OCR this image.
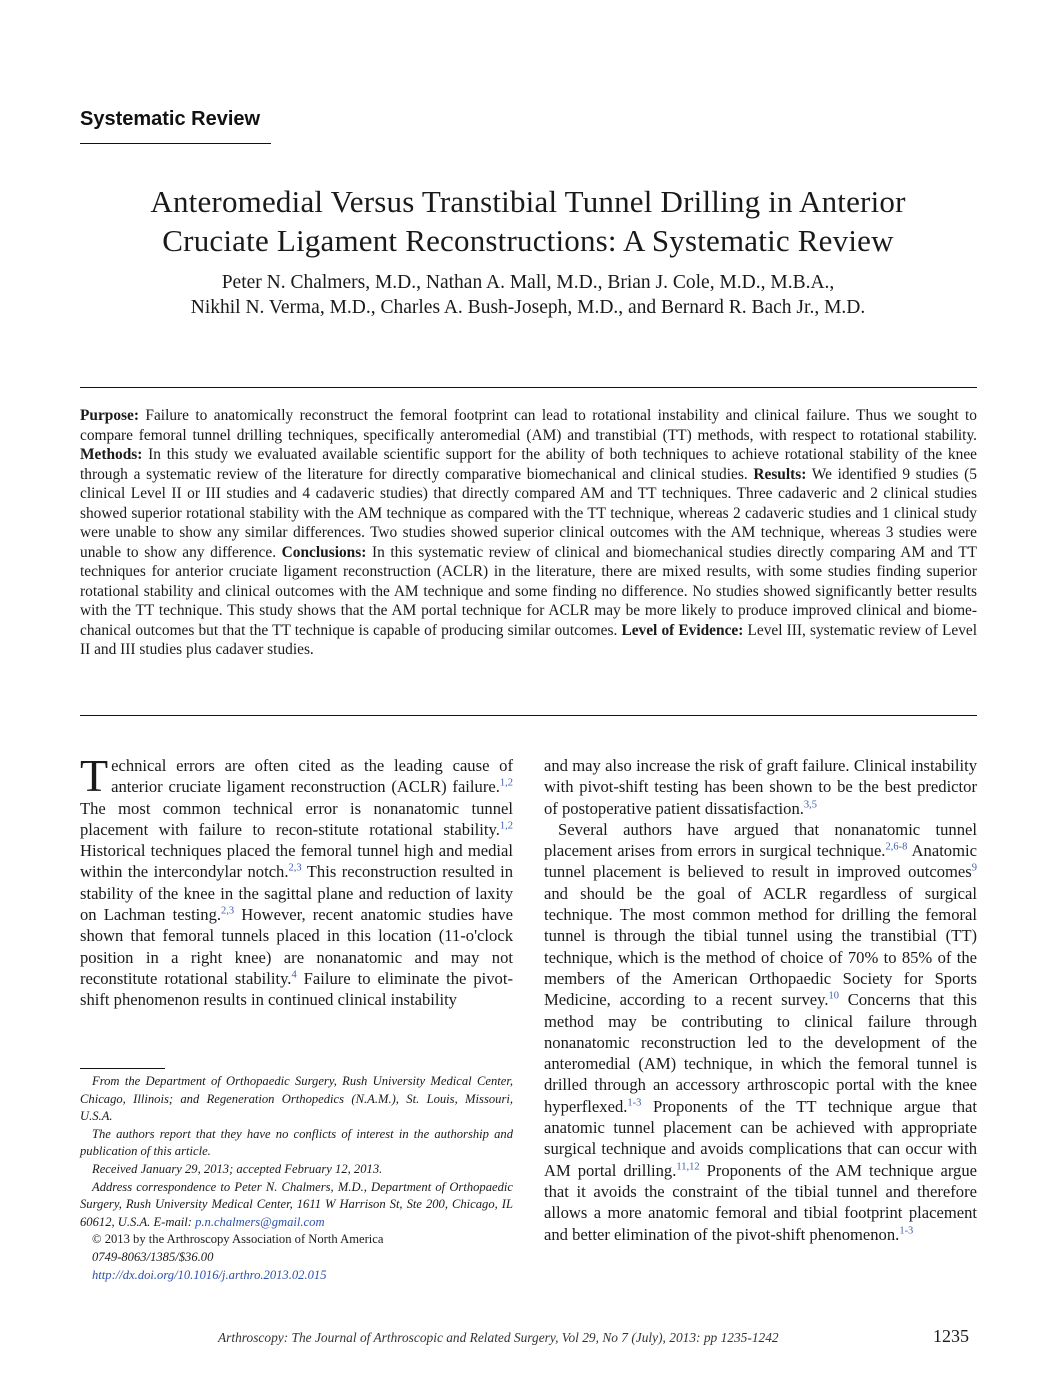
Systematic Review
Anteromedial Versus Transtibial Tunnel Drilling in Anterior
Cruciate Ligament Reconstructions: A Systematic Review
Peter N. Chalmers, M.D., Nathan A. Mall, M.D., Brian J. Cole, M.D., M.B.A.,
Nikhil N. Verma, M.D., Charles A. Bush-Joseph, M.D., and Bernard R. Bach Jr., M.D.
Purpose: Failure to anatomically reconstruct the femoral footprint can lead to rotational instability and clinical failure. Thus we sought to compare femoral tunnel drilling techniques, specifically anteromedial (AM) and transtibial (TT) methods, with respect to rotational stability. Methods: In this study we evaluated available scientific support for the ability of both techniques to achieve rotational stability of the knee through a systematic review of the literature for directly comparative biomechanical and clinical studies. Results: We identified 9 studies (5 clinical Level II or III studies and 4 cadaveric studies) that directly compared AM and TT techniques. Three cadaveric and 2 clinical studies showed superior rotational stability with the AM technique as compared with the TT technique, whereas 2 cadaveric studies and 1 clinical study were unable to show any similar differences. Two studies showed superior clinical outcomes with the AM technique, whereas 3 studies were unable to show any difference. Conclusions: In this systematic review of clinical and biomechanical studies directly comparing AM and TT techniques for anterior cruciate ligament reconstruction (ACLR) in the literature, there are mixed results, with some studies finding superior rotational stability and clinical outcomes with the AM technique and some finding no difference. No studies showed significantly better results with the TT technique. This study shows that the AM portal technique for ACLR may be more likely to produce improved clinical and biome-chanical outcomes but that the TT technique is capable of producing similar outcomes. Level of Evidence: Level III, systematic review of Level II and III studies plus cadaver studies.

Technical errors are often cited as the leading cause of anterior cruciate ligament reconstruction (ACLR) failure.$^{1,2}$ The most common technical error is nonanatomic tunnel placement with failure to recon-stitute rotational stability.$^{1,2}$ Historical techniques placed the femoral tunnel high and medial within the intercondylar notch.$^{2,3}$ This reconstruction resulted in stability of the knee in the sagittal plane and reduction of laxity on Lachman testing.$^{2,3}$ However, recent anatomic studies have shown that femoral tunnels placed in this location (11-o'clock position in a right knee) are nonanatomic and may not reconstitute rotational stability.$^4$ Failure to eliminate the pivot-shift phenomenon results in continued clinical instability

From the Department of Orthopaedic Surgery, Rush University Medical Center, Chicago, Illinois; and Regeneration Orthopedics (N.A.M.), St. Louis, Missouri, U.S.A.

The authors report that they have no conflicts of interest in the authorship and publication of this article.

Received January 29, 2013; accepted February 12, 2013.

Address correspondence to Peter N. Chalmers, M.D., Department of Orthopaedic Surgery, Rush University Medical Center, 1611 W Harrison St, Ste 200, Chicago, IL 60612, U.S.A. E-mail: p.n.chalmers@gmail.com

© 2013 by the Arthroscopy Association of North America

0749-8063/1385/$36.00

http://dx.doi.org/10.1016/j.arthro.2013.02.015

and may also increase the risk of graft failure. Clinical instability with pivot-shift testing has been shown to be the best predictor of postoperative patient dissatisfaction.$^{3,5}$

Several authors have argued that nonanatomic tunnel placement arises from errors in surgical technique.$^{2,6-8}$ Anatomic tunnel placement is believed to result in improved outcomes$^9$ and should be the goal of ACLR regardless of surgical technique. The most common method for drilling the femoral tunnel is through the tibial tunnel using the transtibial (TT) technique, which is the method of choice of 70% to 85% of the members of the American Orthopaedic Society for Sports Medicine, according to a recent survey.$^{10}$ Concerns that this method may be contributing to clinical failure through nonanatomic reconstruction led to the development of the anteromedial (AM) technique, in which the femoral tunnel is drilled through an accessory arthroscopic portal with the knee hyperflexed.$^{1-3}$ Proponents of the TT technique argue that anatomic tunnel placement can be achieved with appropriate surgical technique and avoids complications that can occur with AM portal drilling.$^{11,12}$ Proponents of the AM technique argue that it avoids the constraint of the tibial tunnel and therefore allows a more anatomic femoral and tibial footprint placement and better elimination of the pivot-shift phenomenon.$^{1-3}$

Arthroscopy: The Journal of Arthroscopic and Related Surgery, Vol 29, No 7 (July), 2013: pp 1235-1242	1235
